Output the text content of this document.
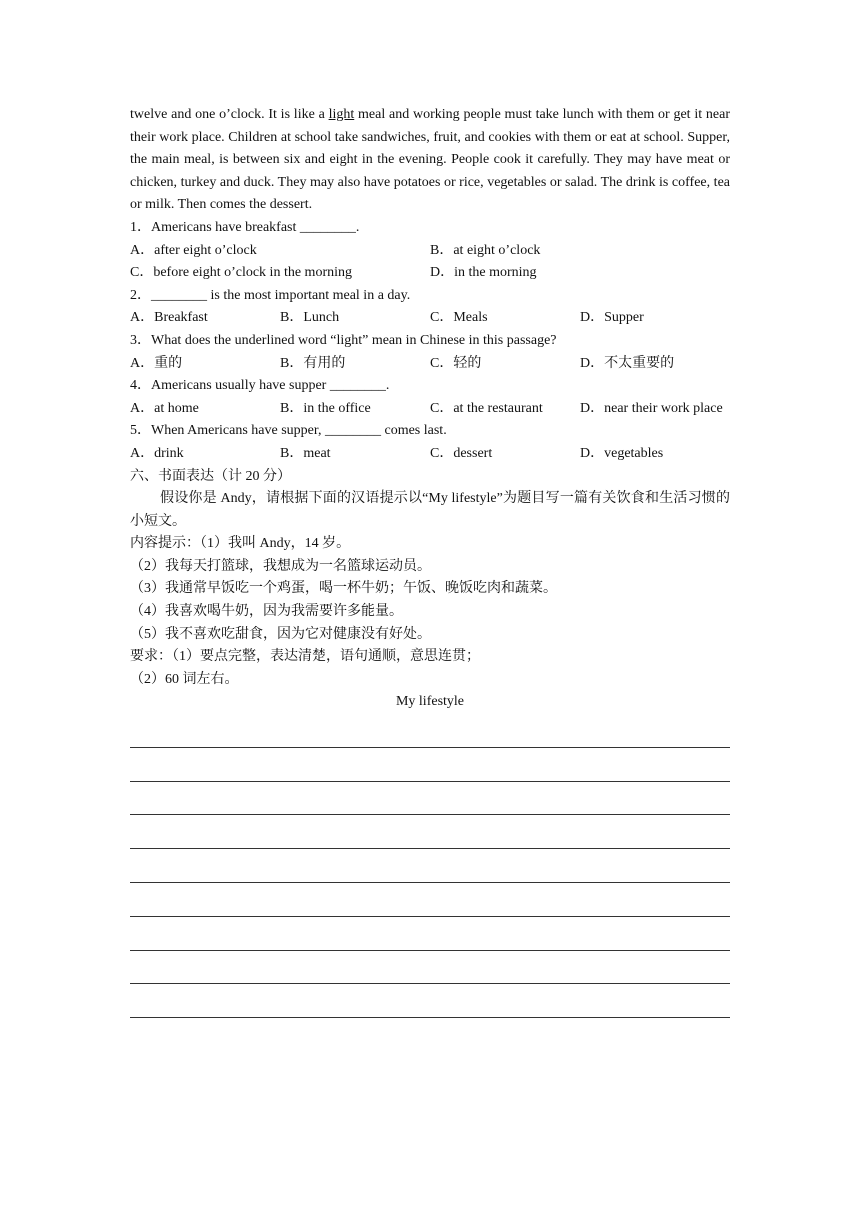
twelve and one o’clock. It is like a light meal and working people must take lunch with them or get it near their work place. Children at school take sandwiches, fruit, and cookies with them or eat at school. Supper, the main meal, is between six and eight in the evening. People cook it carefully. They may have meat or chicken, turkey and duck. They may also have potatoes or rice, vegetables or salad. The drink is coffee, tea or milk. Then comes the dessert.

1．Americans have breakfast ________.
A．after eight o’clock	B．at eight o’clock
C．before eight o’clock in the morning	D．in the morning
2．________ is the most important meal in a day.
A．Breakfast	B．Lunch	C．Meals	D．Supper
3．What does the underlined word “light” mean in Chinese in this passage?
A．重的	B．有用的	C．轻的	D．不太重要的
4．Americans usually have supper ________.
A．at home	B．in the office	C．at the restaurant	D．near their work place
5．When Americans have supper, ________ comes last.
A．drink	B．meat	C．dessert	D．vegetables
六、书面表达（计 20 分）

假设你是 Andy，请根据下面的汉语提示以“My lifestyle”为题目写一篇有关饮食和生活习惯的小短文。

内容提示：（1）我叫 Andy，14 岁。
（2）我每天打篮球，我想成为一名篮球运动员。
（3）我通常早饭吃一个鸡蛋，喝一杯牛奶；午饭、晚饭吃肉和蔬菜。
（4）我喜欢喝牛奶，因为我需要许多能量。
（5）我不喜欢吃甜食，因为它对健康没有好处。
要求：（1）要点完整，表达清楚，语句通顺，意思连贯；
（2）60 词左右。
My lifestyle
